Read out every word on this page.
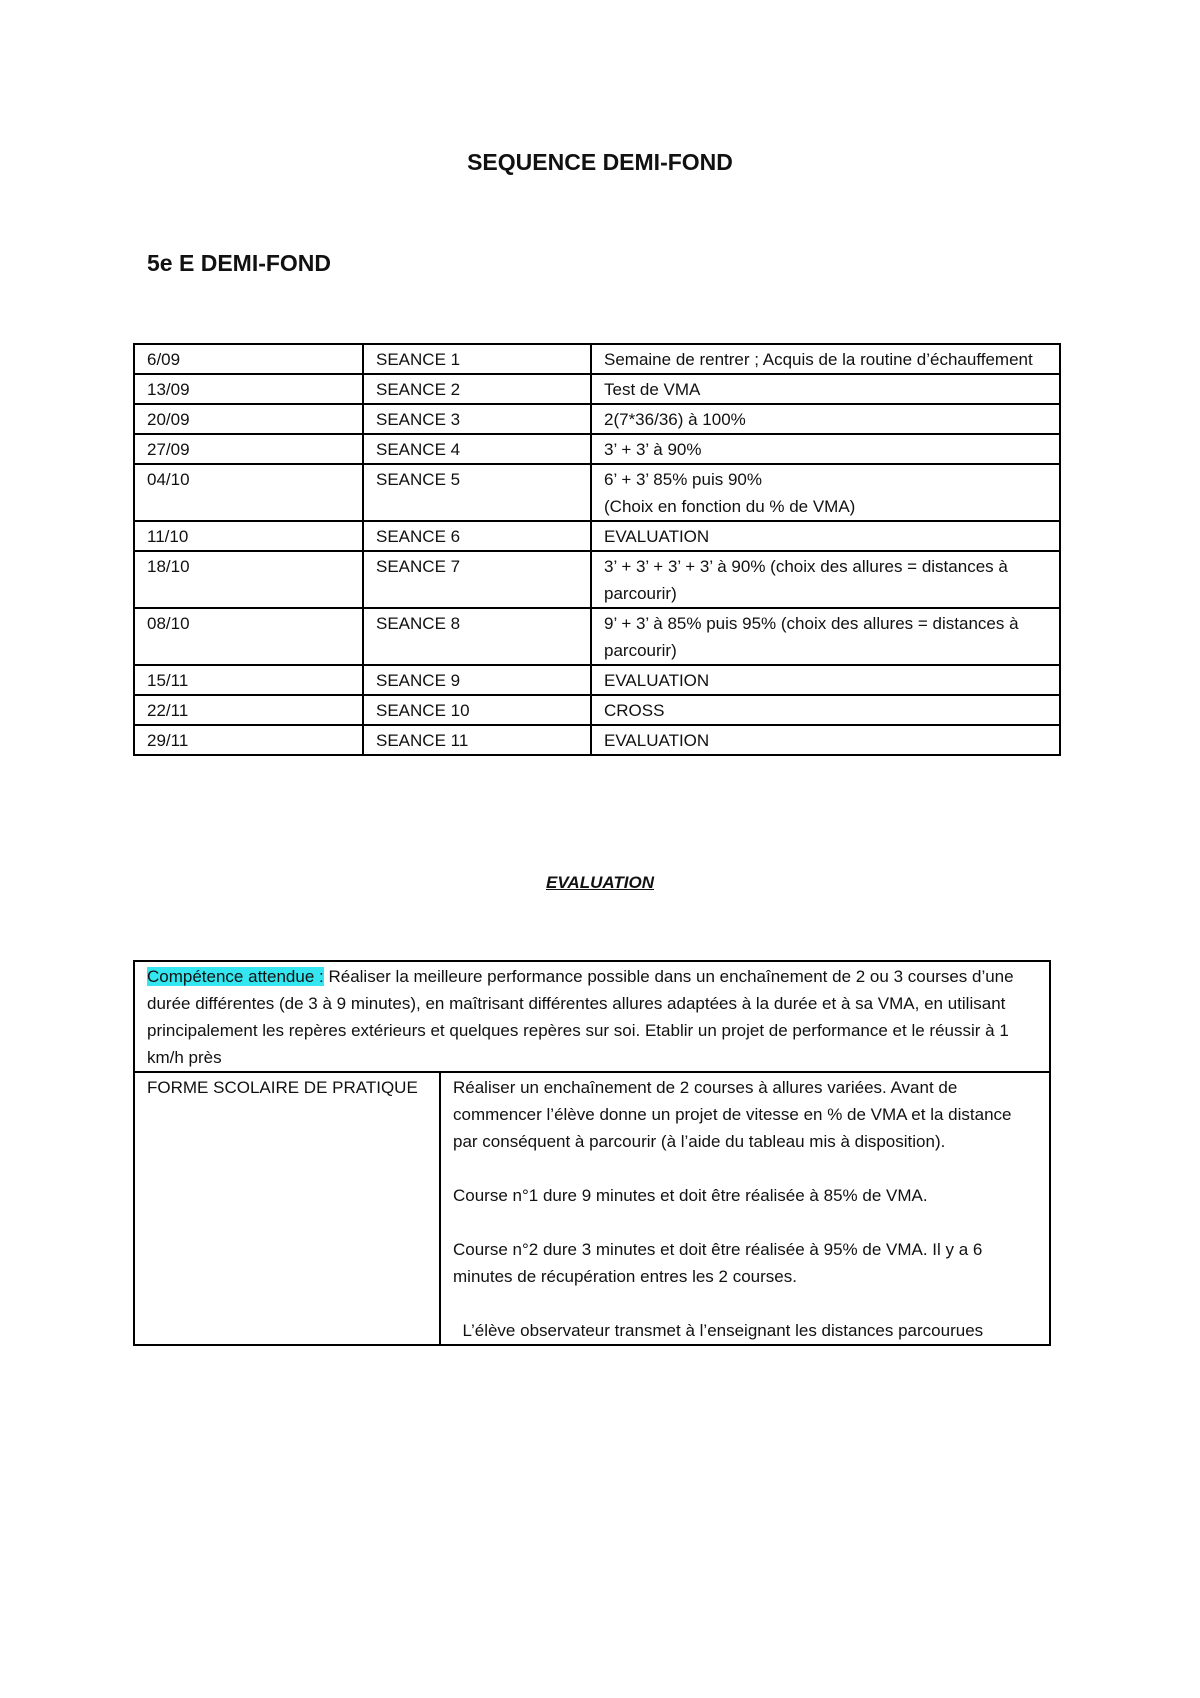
SEQUENCE DEMI-FOND
5e E DEMI-FOND
6/09	SEANCE 1	Semaine de rentrer ; Acquis de la routine d’échauffement
13/09	SEANCE 2	Test de VMA
20/09	SEANCE 3	2(7*36/36) à 100%
27/09	SEANCE 4	3’ + 3’ à 90%
04/10	SEANCE 5	6’ + 3’ 85% puis 90%
(Choix en fonction du % de VMA)

11/10	SEANCE 6	EVALUATION
18/10	SEANCE 7	3’ + 3’ + 3’ + 3’ à 90% (choix des allures = distances à parcourir)
08/10	SEANCE 8	9’ + 3’ à 85% puis 95% (choix des allures = distances à parcourir)
15/11	SEANCE 9	EVALUATION
22/11	SEANCE 10	CROSS
29/11	SEANCE 11	EVALUATION
EVALUATION
Compétence attendue : Réaliser la meilleure performance possible dans un enchaînement de 2 ou 3 courses d’une durée différentes (de 3 à 9 minutes), en maîtrisant différentes allures adaptées à la durée et à sa VMA, en utilisant principalement les repères extérieurs et quelques repères sur soi. Etablir un projet de performance et le réussir à 1 km/h près
FORME SCOLAIRE DE PRATIQUE	Réaliser un enchaînement de 2 courses à allures variées. Avant de commencer l’élève donne un projet de vitesse en % de VMA et la distance par conséquent à parcourir (à l’aide du tableau mis à disposition).
Course n°1 dure 9 minutes et doit être réalisée à 85% de VMA.
Course n°2 dure 3 minutes et doit être réalisée à 95% de VMA. Il y a 6 minutes de récupération entres les 2 courses.
L’élève observateur transmet à l’enseignant les distances parcourues
